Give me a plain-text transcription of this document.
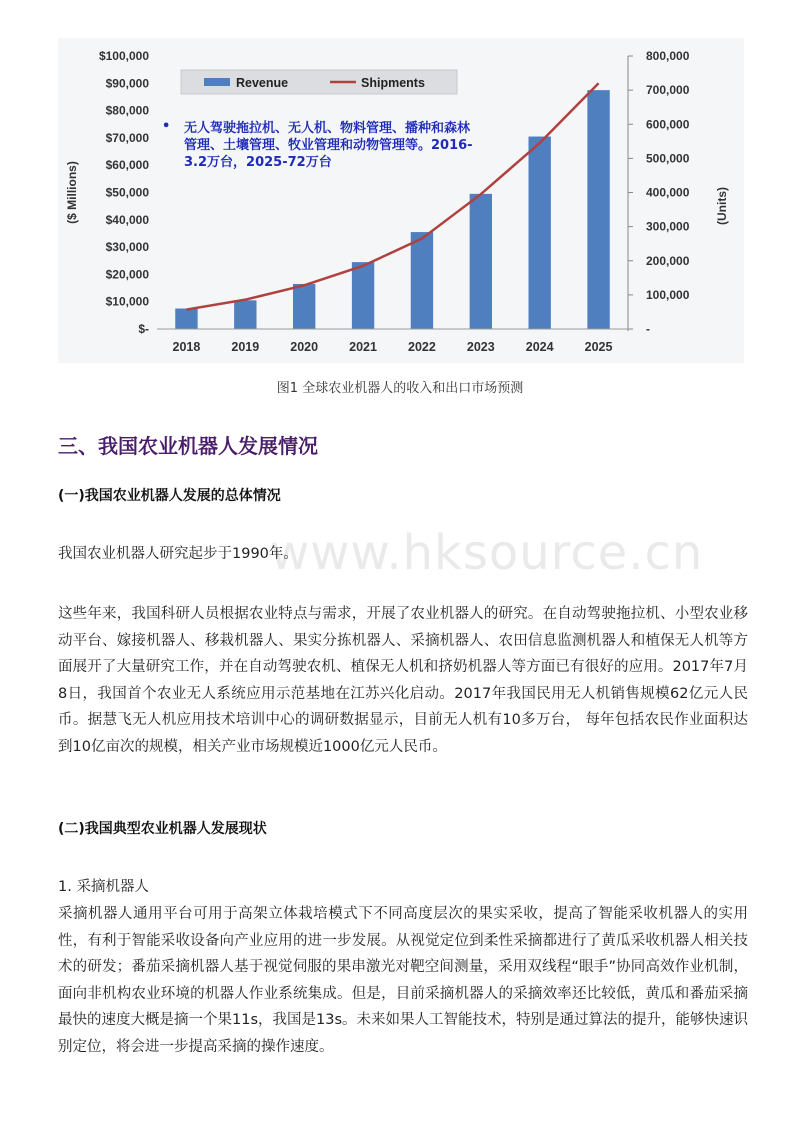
$-
$10,000
$20,000
$30,000
$40,000
$50,000
$60,000
$70,000
$80,000
$90,000
$100,000
-
100,000
200,000
300,000
400,000
500,000
600,000
700,000
800,000
($ Millions)	(Units)
2018 2019 2020 2021 2022 2023 2024 2025
Revenue	Shipments
• 无人驾驶拖拉机、无人机、物料管理、播种和森林
管理、土壤管理、牧业管理和动物管理等。2016-
3.2万台，2025-72万台
图1 全球农业机器人的收入和出口市场预测
www.hksource.cn
三、我国农业机器人发展情况
(一)我国农业机器人发展的总体情况

我国农业机器人研究起步于1990年。

这些年来，我国科研人员根据农业特点与需求，开展了农业机器人的研究。在自动驾驶拖拉机、小型农业移动平台、嫁接机器人、移栽机器人、果实分拣机器人、采摘机器人、农田信息监测机器人和植保无人机等方面展开了大量研究工作，并在自动驾驶农机、植保无人机和挤奶机器人等方面已有很好的应用。2017年7月8日，我国首个农业无人系统应用示范基地在江苏兴化启动。2017年我国民用无人机销售规模62亿元人民币。据慧飞无人机应用技术培训中心的调研数据显示，目前无人机有10多万台， 每年包括农民作业面积达到10亿亩次的规模，相关产业市场规模近1000亿元人民币。

(二)我国典型农业机器人发展现状

1. 采摘机器人

采摘机器人通用平台可用于高架立体栽培模式下不同高度层次的果实采收，提高了智能采收机器人的实用性，有利于智能采收设备向产业应用的进一步发展。从视觉定位到柔性采摘都进行了黄瓜采收机器人相关技术的研发；番茄采摘机器人基于视觉伺服的果串激光对靶空间测量，采用双线程“眼手”协同高效作业机制，面向非机构农业环境的机器人作业系统集成。但是，目前采摘机器人的采摘效率还比较低，黄瓜和番茄采摘最快的速度大概是摘一个果11s，我国是13s。未来如果人工智能技术，特别是通过算法的提升，能够快速识别定位，将会进一步提高采摘的操作速度。
